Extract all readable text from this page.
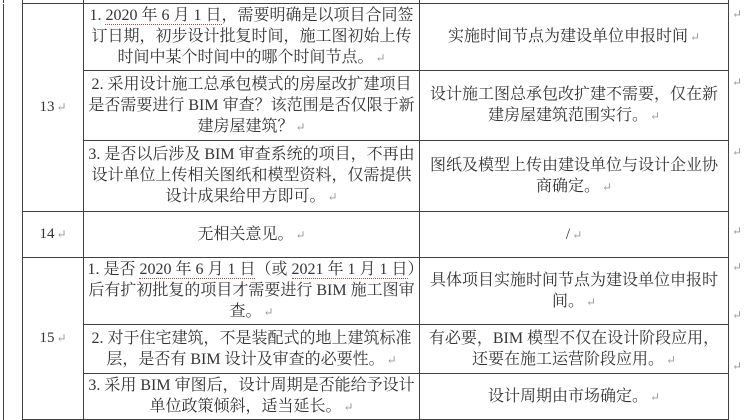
	13 ↵	1. 2020 年 6 月 1 日，需要明确是以项目合同签订日期，初步设计批复时间，施工图初始上传时间中某个时间中的哪个时间节点。 ↵	实施时间节点为建设单位申报时间 ↵
		2. 采用设计施工总承包模式的房屋改扩建项目是否需要进行 BIM 审查？该范围是否仅限于新建房屋建筑？ ↵	设计施工图总承包改扩建不需要，仅在新建房屋建筑范围实行。 ↵
		3. 是否以后涉及 BIM 审查系统的项目，不再由设计单位上传相关图纸和模型资料，仅需提供设计成果给甲方即可。 ↵	图纸及模型上传由建设单位与设计企业协商确定。 ↵
	14 ↵	无相关意见。 ↵	/ ↵
	15 ↵	1. 是否 2020 年 6 月 1 日（或 2021 年 1 月 1 日）后有扩初批复的项目才需要进行 BIM 施工图审查。 ↵	具体项目实施时间节点为建设单位申报时间。 ↵
		2. 对于住宅建筑，不是装配式的地上建筑标准层，是否有 BIM 设计及审查的必要性。 ↵	有必要，BIM 模型不仅在设计阶段应用，还要在施工运营阶段应用。 ↵
		3. 采用 BIM 审图后，设计周期是否能给予设计单位政策倾斜，适当延长。 ↵	设计周期由市场确定。 ↵
↵
↵
↵
↵
↵
↵
↵
